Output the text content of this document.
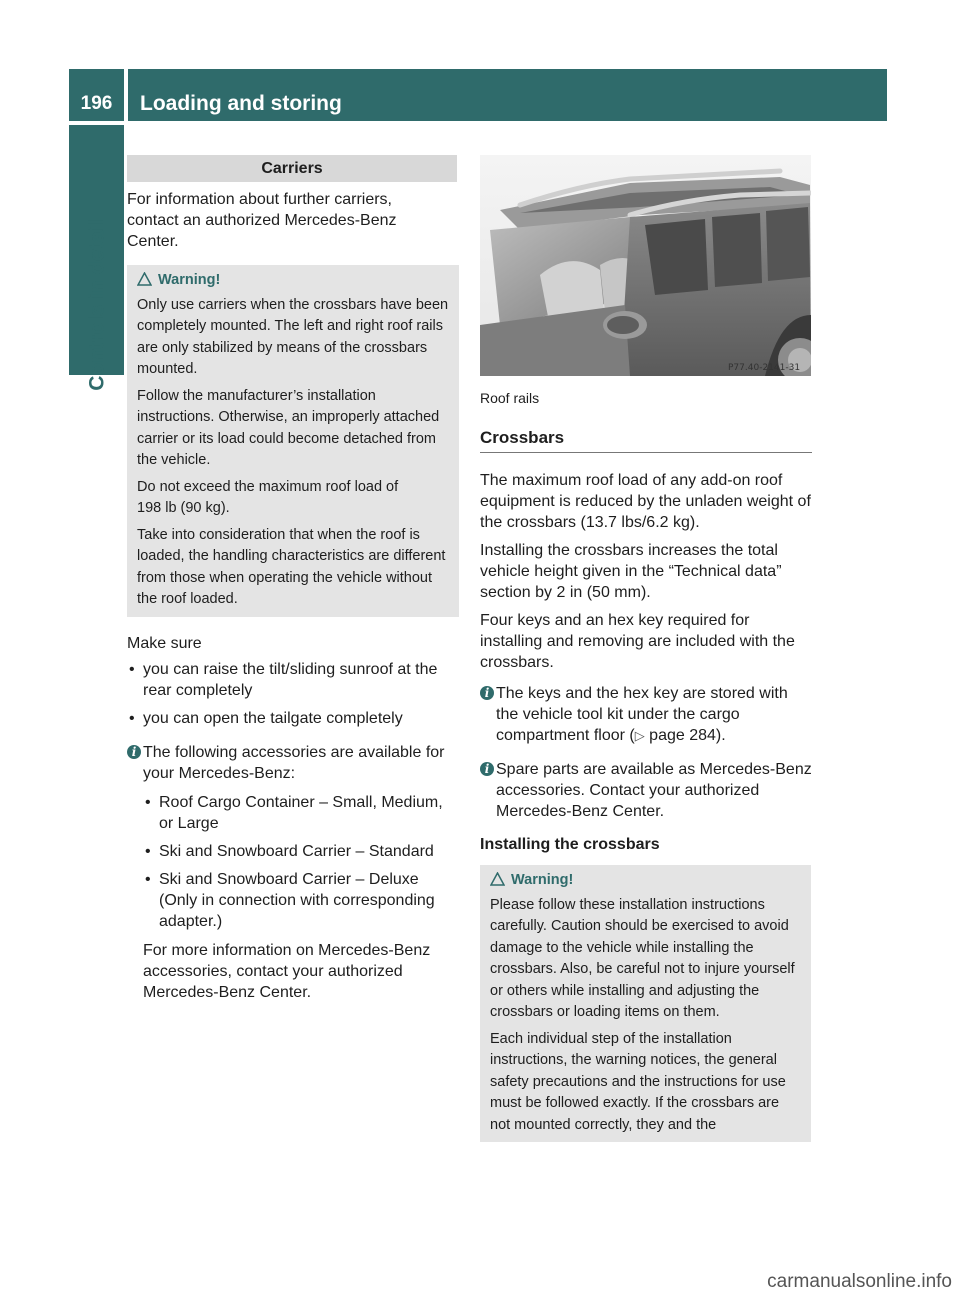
196	Loading and storing
Controls in detail
Carriers

For information about further carriers, contact an authorized Mercedes-Benz Center.

Warning!

Only use carriers when the crossbars have been completely mounted. The left and right roof rails are only stabilized by means of the crossbars mounted.

Follow the manufacturer’s installation instructions. Otherwise, an improperly attached carrier or its load could become detached from the vehicle.

Do not exceed the maximum roof load of 198 lb (90 kg).

Take into consideration that when the roof is loaded, the handling characteristics are different from those when operating the vehicle without the roof loaded.

Make sure

• you can raise the tilt/sliding sunroof at the rear completely
• you can open the tailgate completely
i The following accessories are available for your Mercedes-Benz:

• Roof Cargo Container – Small, Medium, or Large
• Ski and Snowboard Carrier – Standard
• Ski and Snowboard Carrier – Deluxe (Only in connection with corresponding adapter.)

For more information on Mercedes-Benz accessories, contact your authorized Mercedes-Benz Center.

P77.40-2141-31

Roof rails

Crossbars

The maximum roof load of any add-on roof equipment is reduced by the unladen weight of the crossbars (13.7 lbs/6.2 kg).

Installing the crossbars increases the total vehicle height given in the “Technical data” section by 2 in (50 mm).

Four keys and an hex key required for installing and removing are included with the crossbars.

i The keys and the hex key are stored with the vehicle tool kit under the cargo compartment floor (▷ page 284).

i Spare parts are available as Mercedes-Benz accessories. Contact your authorized Mercedes-Benz Center.

Installing the crossbars

Warning!

Please follow these installation instructions carefully. Caution should be exercised to avoid damage to the vehicle while installing the crossbars. Also, be careful not to injure yourself or others while installing and adjusting the crossbars or loading items on them.

Each individual step of the installation instructions, the warning notices, the general safety precautions and the instructions for use must be followed exactly. If the crossbars are not mounted correctly, they and the

carmanualsonline.info
